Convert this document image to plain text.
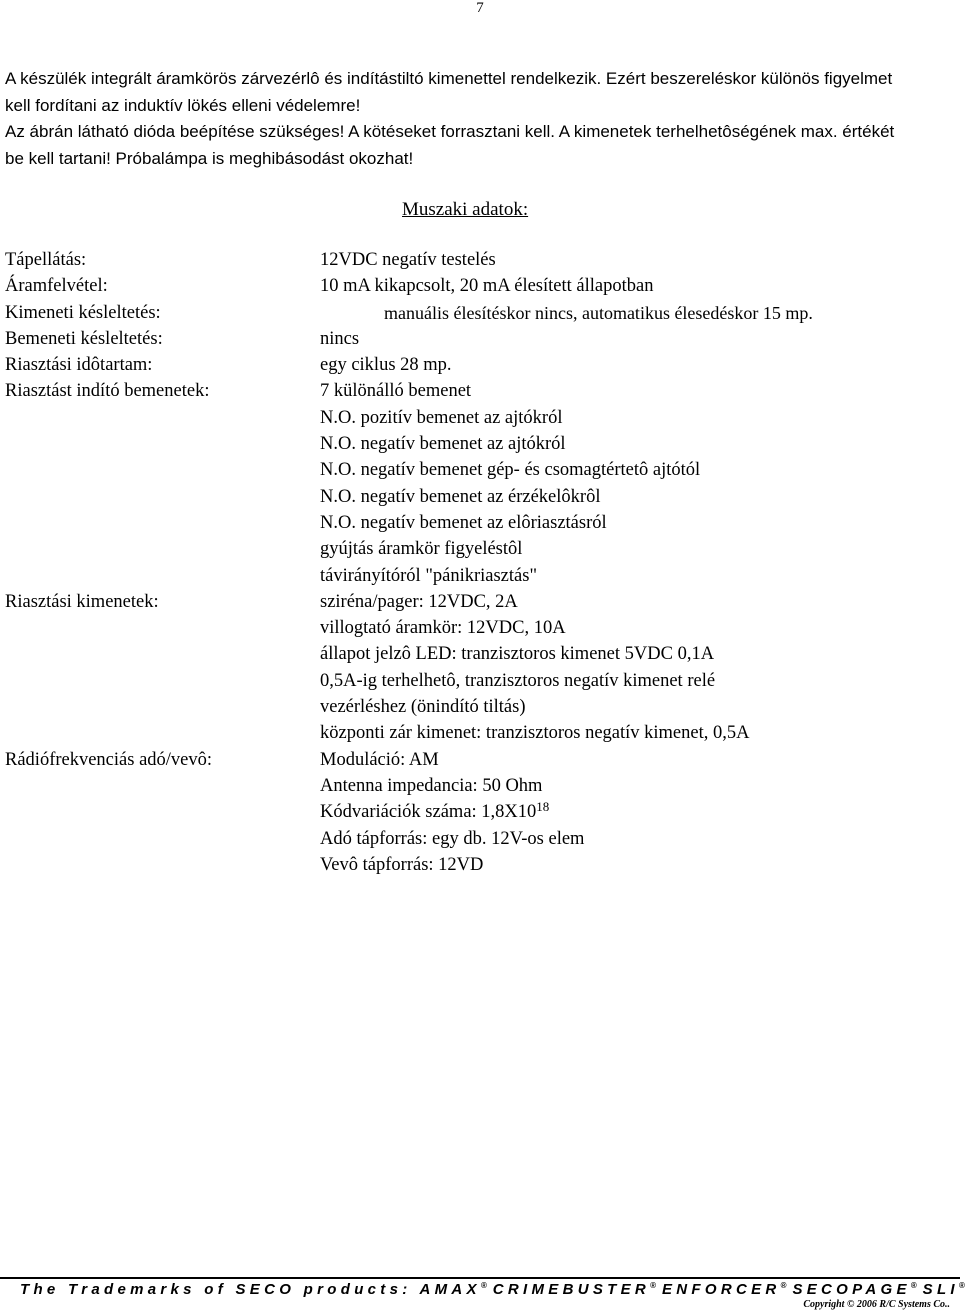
7
A készülék integrált áramkörös zárvezérlô és indítástiltó kimenettel rendelkezik. Ezért beszereléskor különös figyelmet
kell fordítani az induktív lökés elleni védelemre!
Az ábrán látható dióda beépítése szükséges! A kötéseket forrasztani kell. A kimenetek terhelhetôségének max. értékét
be kell tartani! Próbalámpa is meghibásodást okozhat!
Muszaki adatok:
Tápellátás:	12VDC negatív testelés
Áramfelvétel:	10 mA kikapcsolt, 20 mA élesített állapotban
Kimeneti késleltetés:	manuális élesítéskor nincs, automatikus élesedéskor 15 mp.
Bemeneti késleltetés:	nincs
Riasztási idôtartam:	egy ciklus 28 mp.
Riasztást indító bemenetek:	7 különálló bemenet
N.O. pozitív bemenet az ajtókról
N.O. negatív bemenet az ajtókról
N.O. negatív bemenet gép- és csomagtértetô ajtótól
N.O. negatív bemenet az érzékelôkrôl
N.O. negatív bemenet az elôriasztásról
gyújtás áramkör figyeléstôl
távirányítóról "pánikriasztás"
Riasztási kimenetek:	sziréna/pager: 12VDC, 2A
villogtató áramkör: 12VDC, 10A
állapot jelzô LED: tranzisztoros kimenet 5VDC 0,1A
0,5A-ig terhelhetô, tranzisztoros negatív kimenet relé
vezérléshez (önindító tiltás)
központi zár kimenet: tranzisztoros negatív kimenet, 0,5A
Rádiófrekvenciás adó/vevô:	Moduláció: AM
Antenna impedancia: 50 Ohm
Kódvariációk száma: $1,8X10^{18}$
Adó tápforrás: egy db. 12V-os elem
Vevô tápforrás: 12VD
The Trademarks of SECO products: AMAX® CRIMEBUSTER® ENFORCER® SECOPAGE® SLI®
Copyright © 2006 R/C Systems Co..
